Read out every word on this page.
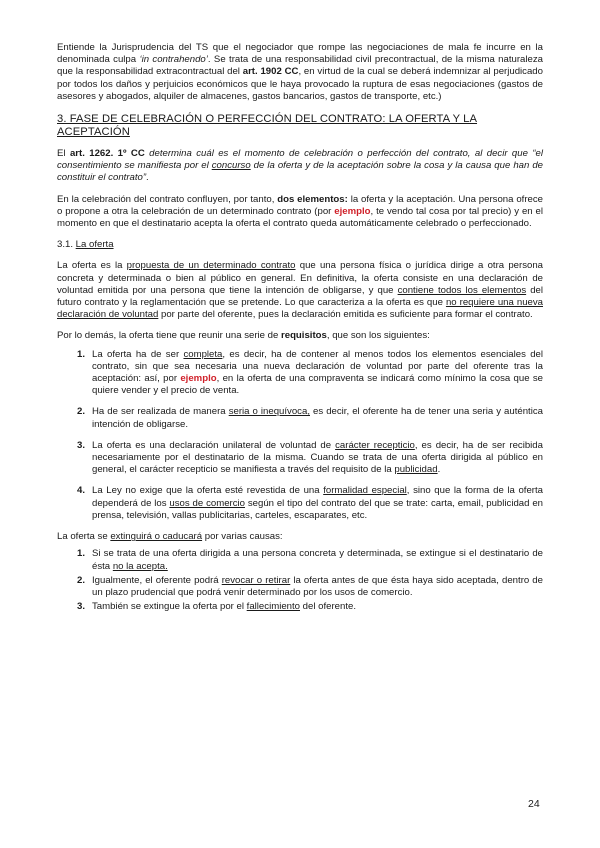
Entiende la Jurisprudencia del TS que el negociador que rompe las negociaciones de mala fe incurre en la denominada culpa ‘in contrahendo’. Se trata de una responsabilidad civil precontractual, de la misma naturaleza que la responsabilidad extracontractual del art. 1902 CC, en virtud de la cual se deberá indemnizar al perjudicado por todos los daños y perjuicios económicos que le haya provocado la ruptura de esas negociaciones (gastos de asesores y abogados, alquiler de almacenes, gastos bancarios, gastos de transporte, etc.)

3. FASE DE CELEBRACIÓN O PERFECCIÓN DEL CONTRATO: LA OFERTA Y LA ACEPTACIÓN

El art. 1262. 1º CC determina cuál es el momento de celebración o perfección del contrato, al decir que “el consentimiento se manifiesta por el concurso de la oferta y de la aceptación sobre la cosa y la causa que han de constituir el contrato”.

En la celebración del contrato confluyen, por tanto, dos elementos: la oferta y la aceptación. Una persona ofrece o propone a otra la celebración de un determinado contrato (por ejemplo, te vendo tal cosa por tal precio) y en el momento en que el destinatario acepta la oferta el contrato queda automáticamente celebrado o perfeccionado.

3.1. La oferta

La oferta es la propuesta de un determinado contrato que una persona física o jurídica dirige a otra persona concreta y determinada o bien al público en general. En definitiva, la oferta consiste en una declaración de voluntad emitida por una persona que tiene la intención de obligarse, y que contiene todos los elementos del futuro contrato y la reglamentación que se pretende. Lo que caracteriza a la oferta es que no requiere una nueva declaración de voluntad por parte del oferente, pues la declaración emitida es suficiente para formar el contrato.

Por lo demás, la oferta tiene que reunir una serie de requisitos, que son los siguientes:

1. La oferta ha de ser completa, es decir, ha de contener al menos todos los elementos esenciales del contrato, sin que sea necesaria una nueva declaración de voluntad por parte del oferente tras la aceptación: así, por ejemplo, en la oferta de una compraventa se indicará como mínimo la cosa que se quiere vender y el precio de venta.
2. Ha de ser realizada de manera seria o inequívoca, es decir, el oferente ha de tener una seria y auténtica intención de obligarse.
3. La oferta es una declaración unilateral de voluntad de carácter recepticio, es decir, ha de ser recibida necesariamente por el destinatario de la misma. Cuando se trata de una oferta dirigida al público en general, el carácter recepticio se manifiesta a través del requisito de la publicidad.
4. La Ley no exige que la oferta esté revestida de una formalidad especial, sino que la forma de la oferta dependerá de los usos de comercio según el tipo del contrato del que se trate: carta, email, publicidad en prensa, televisión, vallas publicitarias, carteles, escaparates, etc.

La oferta se extinguirá o caducará por varias causas:

1. Si se trata de una oferta dirigida a una persona concreta y determinada, se extingue si el destinatario de ésta no la acepta.
2. Igualmente, el oferente podrá revocar o retirar la oferta antes de que ésta haya sido aceptada, dentro de un plazo prudencial que podrá venir determinado por los usos de comercio.
3. También se extingue la oferta por el fallecimiento del oferente.
24
